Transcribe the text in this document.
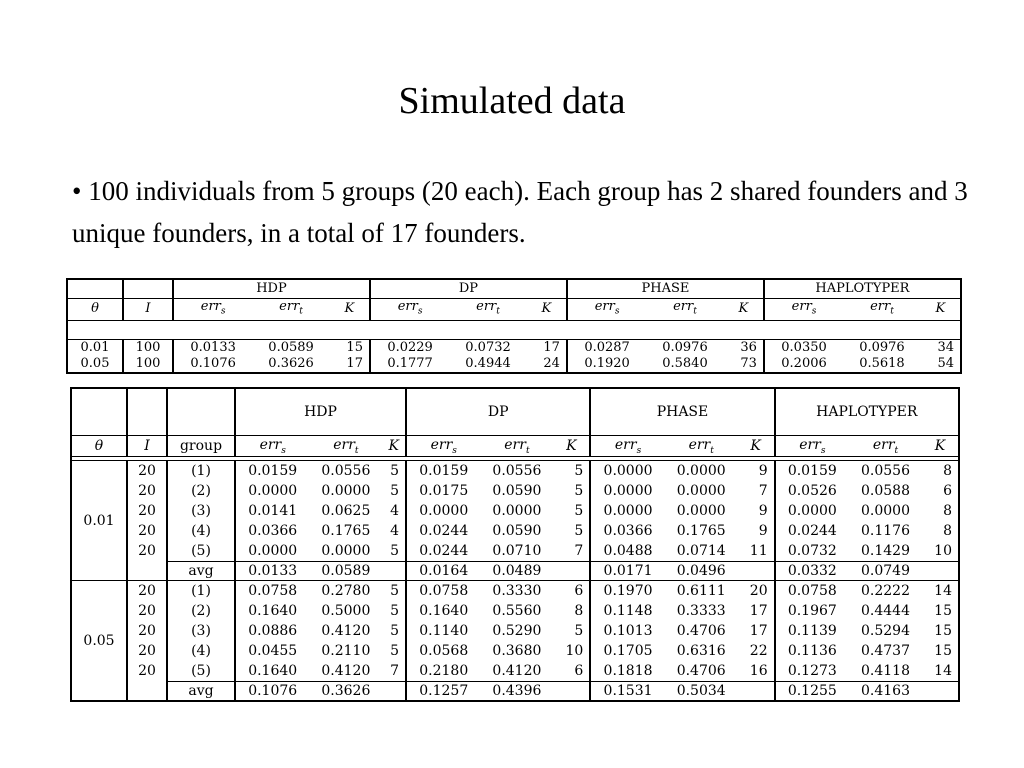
Simulated data
• 100 individuals from 5 groups (20 each). Each group has 2 shared founders and 3 unique founders, in a total of 17 founders.
		HDP			DP			PHASE			HAPLOTYPER		
θ	I	err$_s$	err$_t$	K	err$_s$	err$_t$	K	err$_s$	err$_t$	K	err$_s$	err$_t$	K

0.01	100	0.0133	0.0589	15	0.0229	0.0732	17	0.0287	0.0976	36	0.0350	0.0976	34
0.05	100	0.1076	0.3626	17	0.1777	0.4944	24	0.1920	0.5840	73	0.2006	0.5618	54
			HDP			DP			PHASE			HAPLOTYPER		
θ	I	group	err$_s$	err$_t$	K	err$_s$	err$_t$	K	err$_s$	err$_t$	K	err$_s$	err$_t$	K

0.01	20	(1)	0.0159	0.0556	5	0.0159	0.0556	5	0.0000	0.0000	9	0.0159	0.0556	8
	20	(2)	0.0000	0.0000	5	0.0175	0.0590	5	0.0000	0.0000	7	0.0526	0.0588	6
	20	(3)	0.0141	0.0625	4	0.0000	0.0000	5	0.0000	0.0000	9	0.0000	0.0000	8
	20	(4)	0.0366	0.1765	4	0.0244	0.0590	5	0.0366	0.1765	9	0.0244	0.1176	8
	20	(5)	0.0000	0.0000	5	0.0244	0.0710	7	0.0488	0.0714	11	0.0732	0.1429	10
		avg	0.0133	0.0589		0.0164	0.0489		0.0171	0.0496		0.0332	0.0749	
0.05	20	(1)	0.0758	0.2780	5	0.0758	0.3330	6	0.1970	0.6111	20	0.0758	0.2222	14
	20	(2)	0.1640	0.5000	5	0.1640	0.5560	8	0.1148	0.3333	17	0.1967	0.4444	15
	20	(3)	0.0886	0.4120	5	0.1140	0.5290	5	0.1013	0.4706	17	0.1139	0.5294	15
	20	(4)	0.0455	0.2110	5	0.0568	0.3680	10	0.1705	0.6316	22	0.1136	0.4737	15
	20	(5)	0.1640	0.4120	7	0.2180	0.4120	6	0.1818	0.4706	16	0.1273	0.4118	14
		avg	0.1076	0.3626		0.1257	0.4396		0.1531	0.5034		0.1255	0.4163	
